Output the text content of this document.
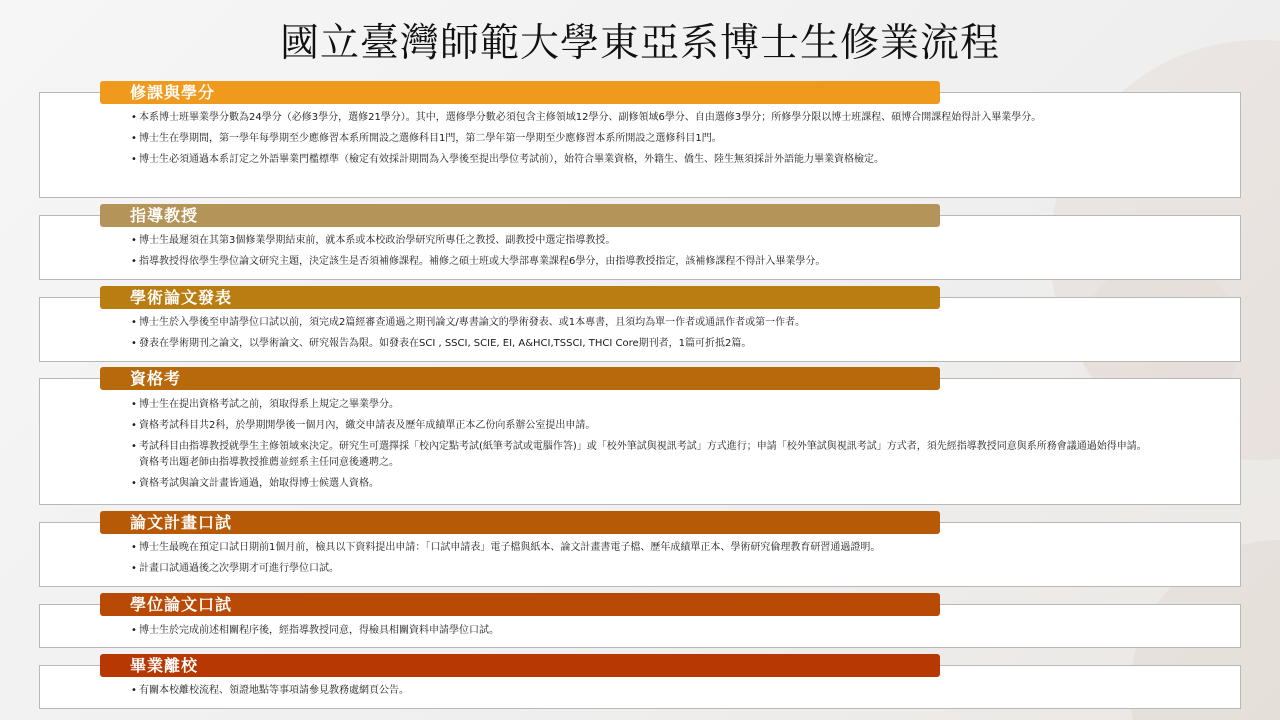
國立臺灣師範大學東亞系博士生修業流程
修課與學分
• 本系博士班畢業學分數為24學分（必修3學分，選修21學分）。其中，選修學分數必須包含主修領域12學分、副修領域6學分、自由選修3學分；所修學分限以博士班課程、碩博合開課程始得計入畢業學分。
• 博士生在學期間，第一學年每學期至少應修習本系所開設之選修科目1門，第二學年第一學期至少應修習本系所開設之選修科目1門。
• 博士生必須通過本系訂定之外語畢業門檻標準（檢定有效採計期間為入學後至提出學位考試前），始符合畢業資格，外籍生、僑生、陸生無須採計外語能力畢業資格檢定。
指導教授
• 博士生最遲須在其第3個修業學期結束前，就本系或本校政治學研究所專任之教授、副教授中選定指導教授。
• 指導教授得依學生學位論文研究主題，決定該生是否須補修課程。補修之碩士班或大學部專業課程6學分，由指導教授指定，該補修課程不得計入畢業學分。
學術論文發表
• 博士生於入學後至申請學位口試以前，須完成2篇經審查通過之期刊論文/專書論文的學術發表、或1本專書，且須均為單一作者或通訊作者或第一作者。
• 發表在學術期刊之論文，以學術論文、研究報告為限。如發表在SCI , SSCI, SCIE, EI, A&HCI,TSSCI, THCI Core期刊者，1篇可折抵2篇。
資格考
• 博士生在提出資格考試之前，須取得系上規定之畢業學分。
• 資格考試科目共2科，於學期開學後一個月內，繳交申請表及歷年成績單正本乙份向系辦公室提出申請。
• 考試科目由指導教授就學生主修領域來決定。研究生可選擇採「校內定點考試(紙筆考試或電腦作答)」或「校外筆試與視訊考試」方式進行；申請「校外筆試與視訊考試」方式者，須先經指導教授同意與系所務會議通過始得申請。資格考出題老師由指導教授推薦並經系主任同意後遴聘之。
• 資格考試與論文計畫皆通過，始取得博士候選人資格。
論文計畫口試
• 博士生最晚在預定口試日期前1個月前，檢具以下資料提出申請：「口試申請表」電子檔與紙本、論文計畫書電子檔、歷年成績單正本、學術研究倫理教育研習通過證明。
• 計畫口試通過後之次學期才可進行學位口試。
學位論文口試
• 博士生於完成前述相關程序後，經指導教授同意，得檢具相關資料申請學位口試。
畢業離校
• 有關本校離校流程、領證地點等事項請參見教務處網頁公告。
